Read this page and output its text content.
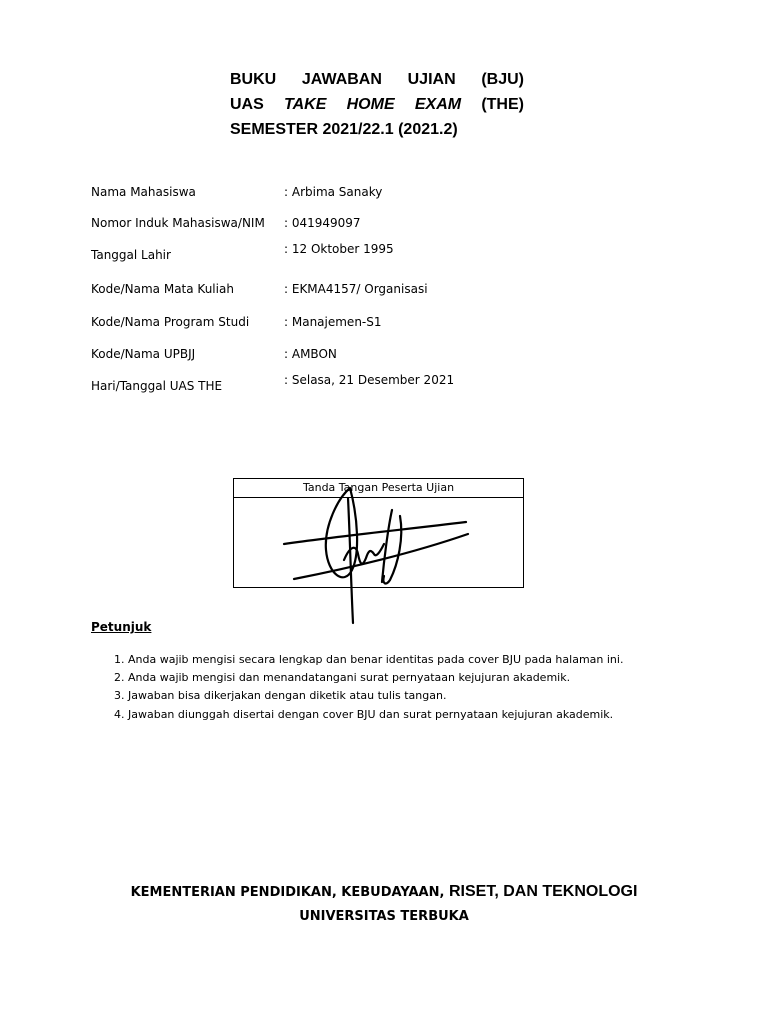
BUKU JAWABAN UJIAN (BJU)
UAS TAKE HOME EXAM (THE)
SEMESTER 2021/22.1 (2021.2)
Nama Mahasiswa	: Arbima Sanaky
Nomor Induk Mahasiswa/NIM : 041949097
Tanggal Lahir	: 12 Oktober 1995
Kode/Nama Mata Kuliah	: EKMA4157/ Organisasi
Kode/Nama Program Studi	: Manajemen-S1
Kode/Nama UPBJJ	: AMBON
Hari/Tanggal UAS THE	: Selasa, 21 Desember 2021
Tanda Tangan Peserta Ujian
Petunjuk
1. Anda wajib mengisi secara lengkap dan benar identitas pada cover BJU pada halaman ini.
2. Anda wajib mengisi dan menandatangani surat pernyataan kejujuran akademik.
3. Jawaban bisa dikerjakan dengan diketik atau tulis tangan.
4. Jawaban diunggah disertai dengan cover BJU dan surat pernyataan kejujuran akademik.
KEMENTERIAN PENDIDIKAN, KEBUDAYAAN, RISET, DAN TEKNOLOGI
UNIVERSITAS TERBUKA
